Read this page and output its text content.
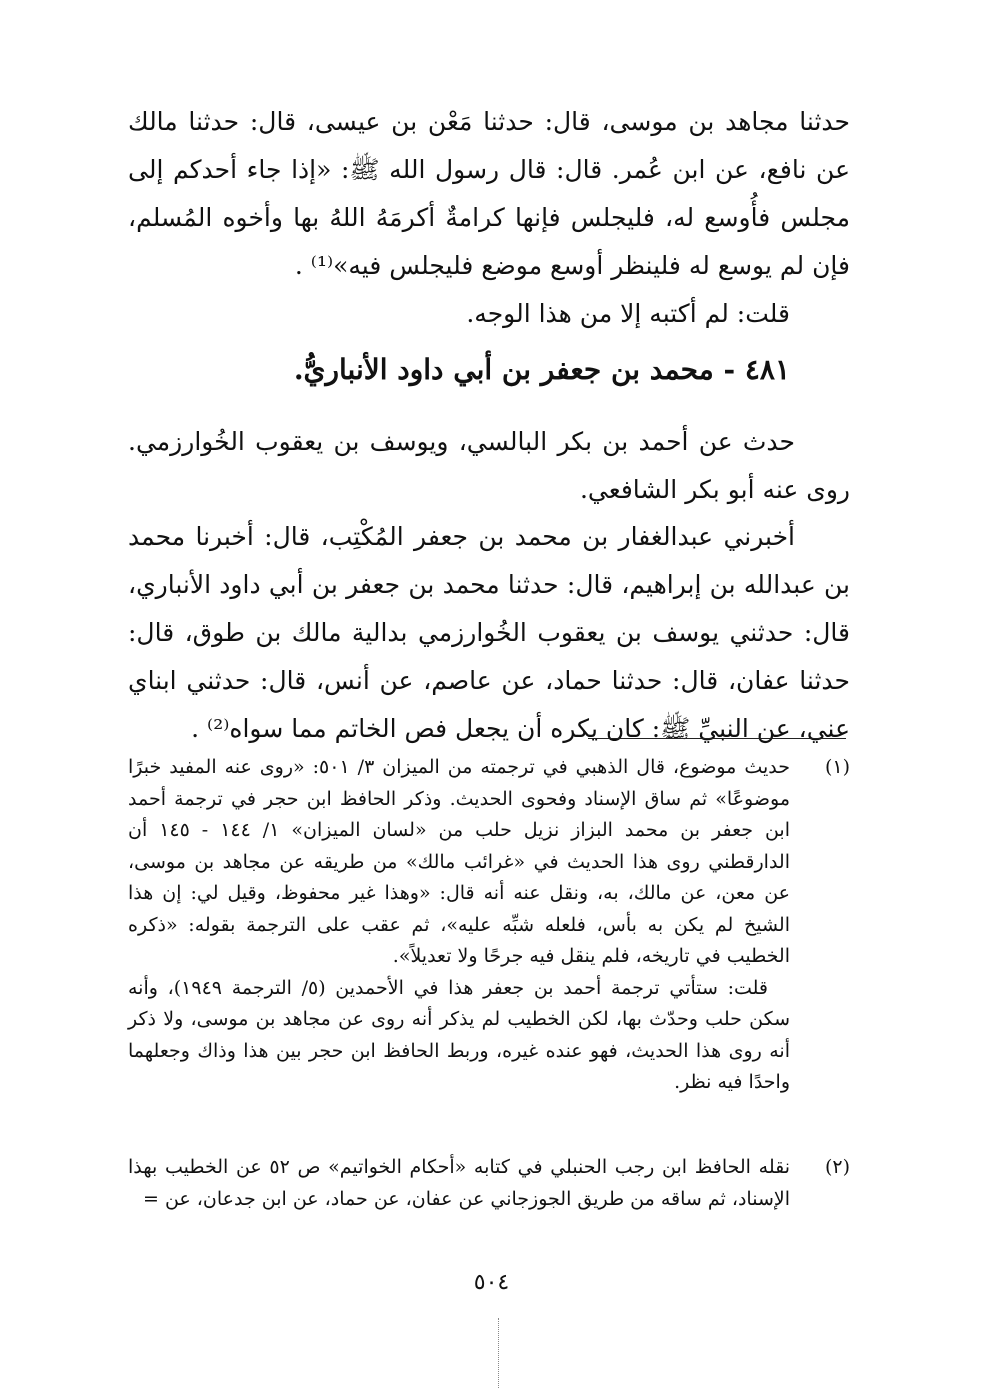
حدثنا مجاهد بن موسى، قال: حدثنا مَعْن بن عيسى، قال: حدثنا مالك عن نافع، عن ابن عُمر. قال: قال رسول الله ﷺ: «إذا جاء أحدكم إلى مجلس فأُوسع له، فليجلس فإنها كرامةٌ أكرمَهُ اللهُ بها وأخوه المُسلم، فإن لم يوسع له فلينظر أوسع موضع فليجلس فيه»⁽¹⁾ .
قلت: لم أكتبه إلا من هذا الوجه.
٤٨١ - محمد بن جعفر بن أبي داود الأنباريُّ.
حدث عن أحمد بن بكر البالسي، ويوسف بن يعقوب الخُوارزمي. روى عنه أبو بكر الشافعي.
أخبرني عبدالغفار بن محمد بن جعفر المُكْتِب، قال: أخبرنا محمد بن عبدالله بن إبراهيم، قال: حدثنا محمد بن جعفر بن أبي داود الأنباري، قال: حدثني يوسف بن يعقوب الخُوارزمي بدالية مالك بن طوق، قال: حدثنا عفان، قال: حدثنا حماد، عن عاصم، عن أنس، قال: حدثني ابناي عني، عن النبيِّ ﷺ: كان يكره أن يجعل فص الخاتم مما سواه⁽²⁾ .
(١)

حديث موضوع، قال الذهبي في ترجمته من الميزان ٣/ ٥٠١: «روى عنه المفيد خبرًا موضوعًا» ثم ساق الإسناد وفحوى الحديث. وذكر الحافظ ابن حجر في ترجمة أحمد ابن جعفر بن محمد البزاز نزيل حلب من «لسان الميزان» ١/ ١٤٤ - ١٤٥ أن الدارقطني روى هذا الحديث في «غرائب مالك» من طريقه عن مجاهد بن موسى، عن معن، عن مالك، به، ونقل عنه أنه قال: «وهذا غير محفوظ، وقيل لي: إن هذا الشيخ لم يكن به بأس، فلعله شبِّه عليه»، ثم عقب على الترجمة بقوله: «ذكره الخطيب في تاريخه، فلم ينقل فيه جرحًا ولا تعديلاً».

قلت: ستأتي ترجمة أحمد بن جعفر هذا في الأحمدين (٥/ الترجمة ١٩٤٩)، وأنه سكن حلب وحدّث بها، لكن الخطيب لم يذكر أنه روى عن مجاهد بن موسى، ولا ذكر أنه روى هذا الحديث، فهو عنده غيره، وربط الحافظ ابن حجر بين هذا وذاك وجعلهما واحدًا فيه نظر.

(٢)

نقله الحافظ ابن رجب الحنبلي في كتابه «أحكام الخواتيم» ص ٥٢ عن الخطيب بهذا الإسناد، ثم ساقه من طريق الجوزجاني عن عفان، عن حماد، عن ابن جدعان، عن =

٥٠٤
